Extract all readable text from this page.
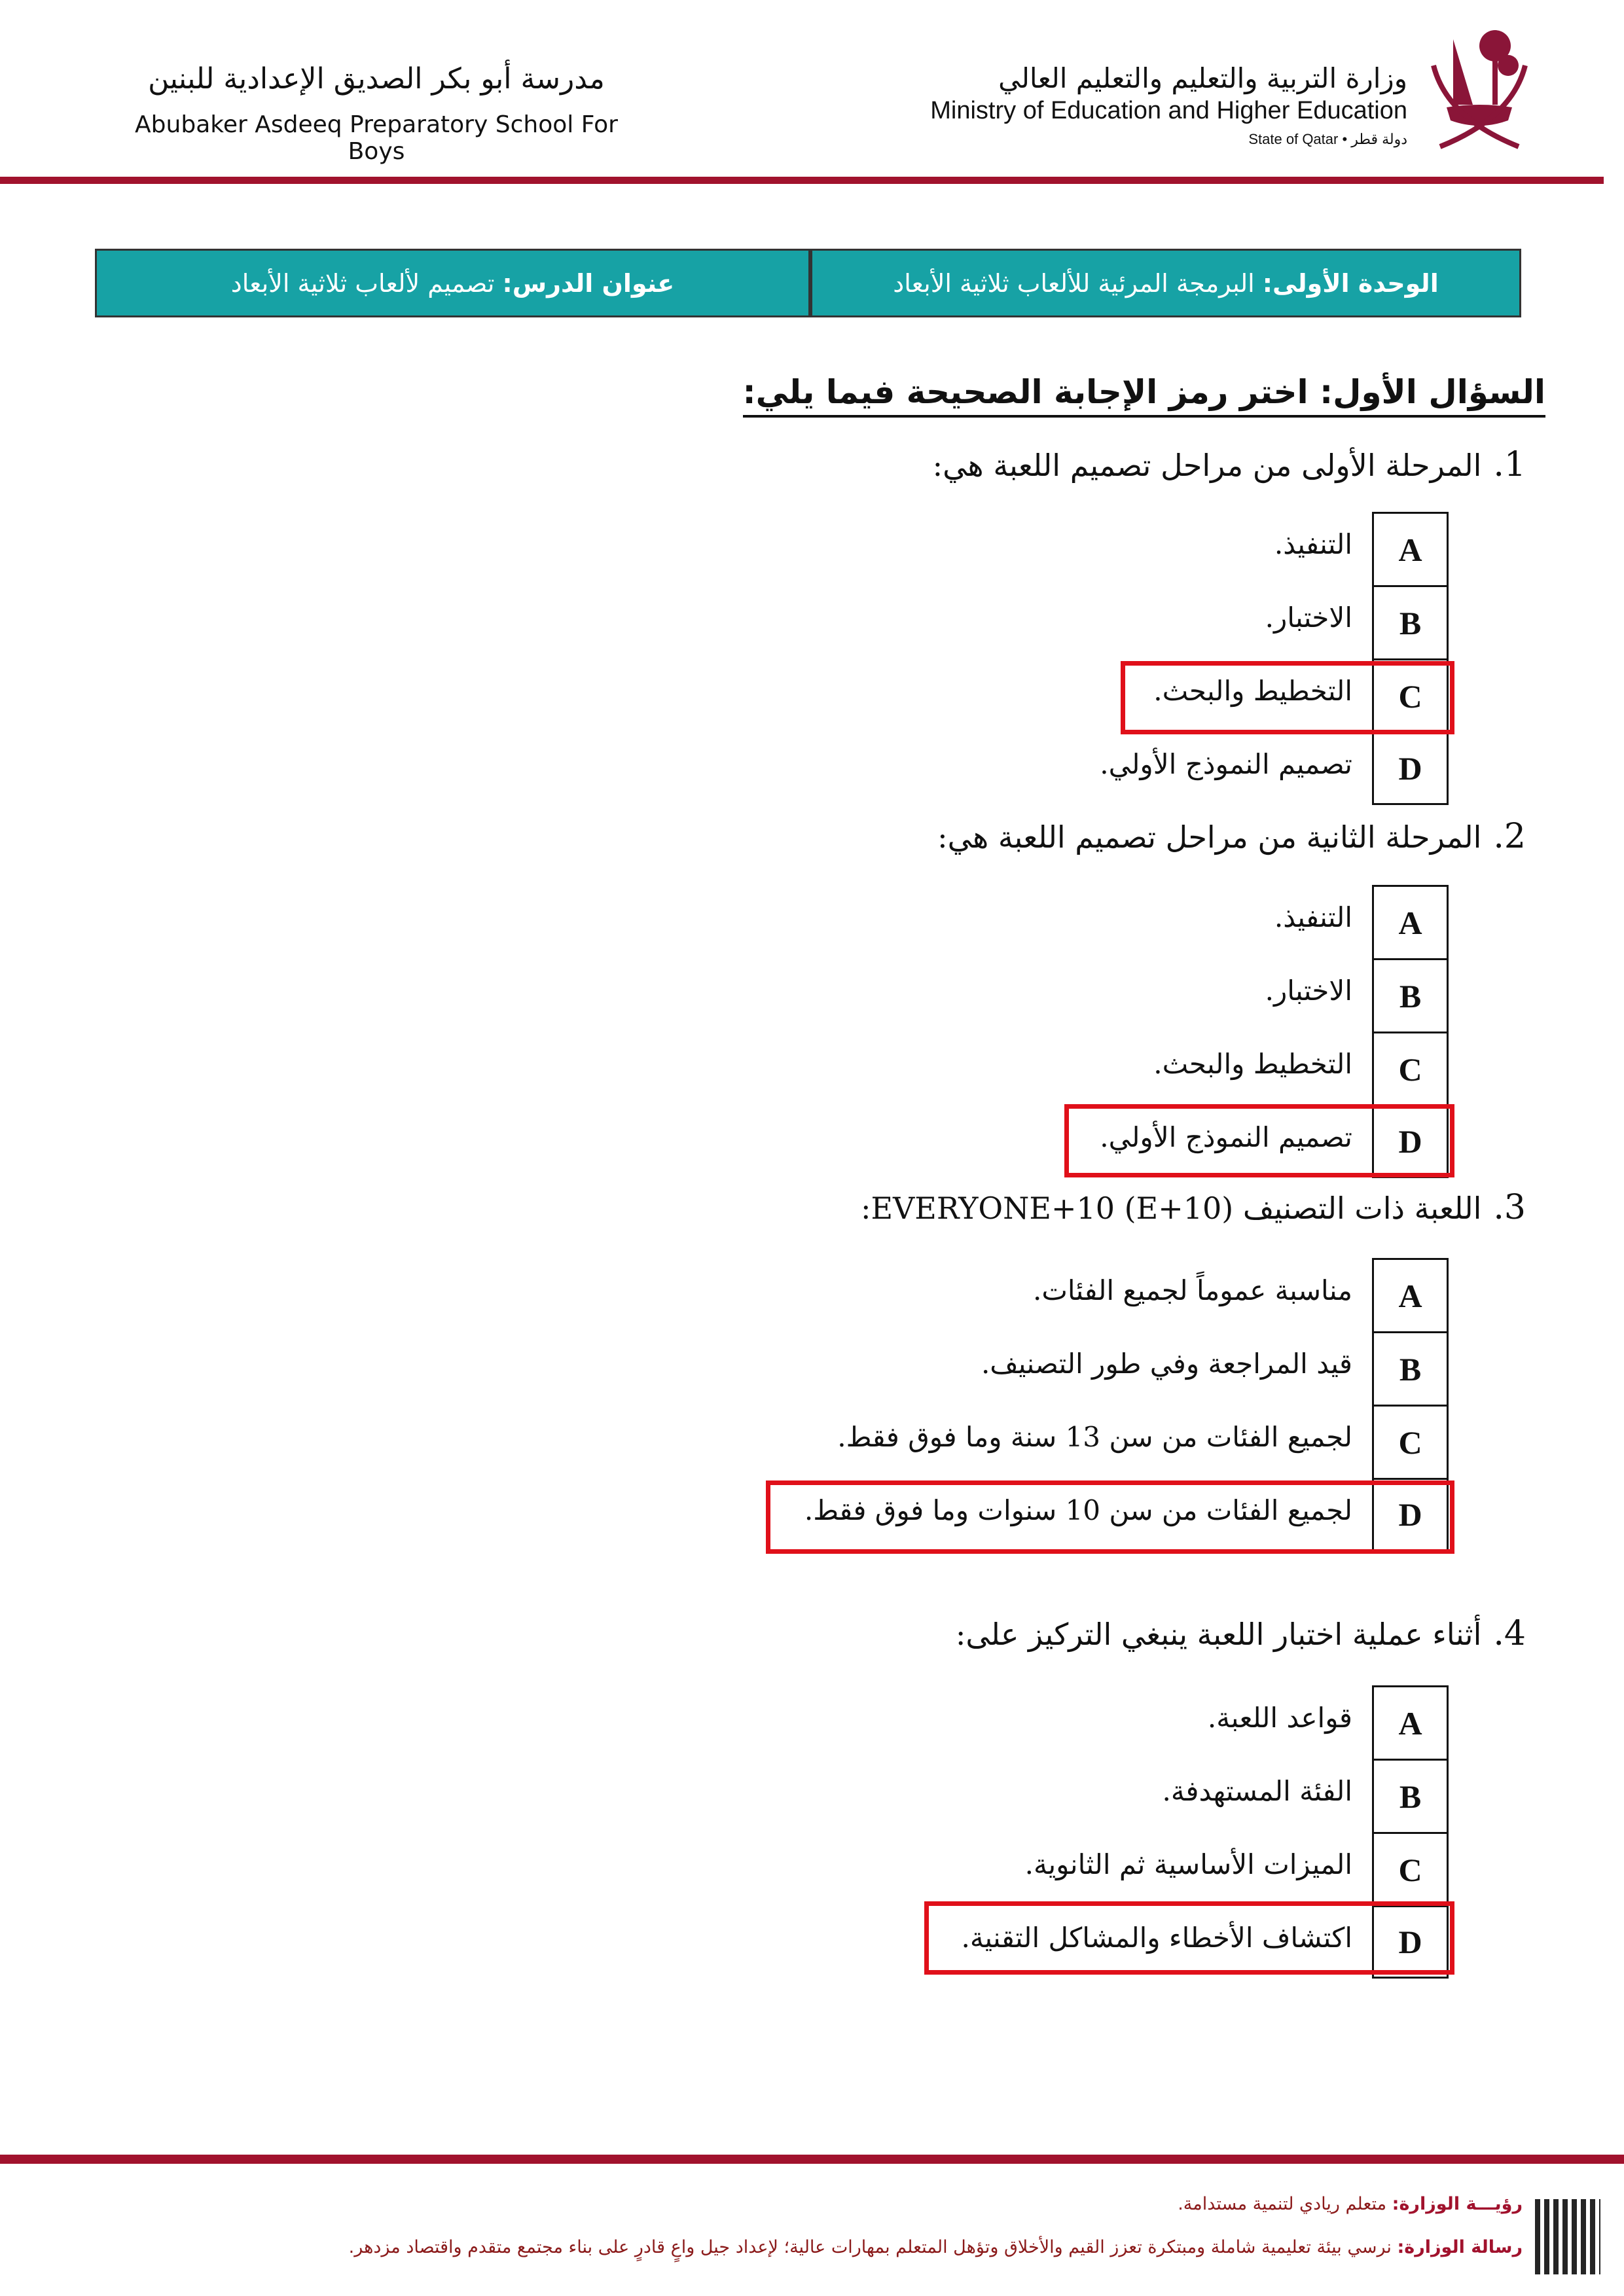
مدرسة أبو بكر الصديق الإعدادية للبنين
Abubaker Asdeeq Preparatory School For Boys
وزارة التربية والتعليم والتعليم العالي
Ministry of Education and Higher Education
State of Qatar • دولة قطر
الوحدة الأولى:
البرمجة المرئية للألعاب ثلاثية الأبعاد
عنوان الدرس:
تصميم لألعاب ثلاثية الأبعاد
السؤال الأول: اختر رمز الإجابة الصحيحة فيما يلي:
1.
المرحلة الأولى من مراحل تصميم اللعبة هي:
A
التنفيذ.
B
الاختبار.
C
التخطيط والبحث.
D
تصميم النموذج الأولي.
2.
المرحلة الثانية من مراحل تصميم اللعبة هي:
A
التنفيذ.
B
الاختبار.
C
التخطيط والبحث.
D
تصميم النموذج الأولي.
3.
اللعبة ذات التصنيف EVERYONE+10 (E+10):
A
مناسبة عموماً لجميع الفئات.
B
قيد المراجعة وفي طور التصنيف.
C
لجميع الفئات من سن 13 سنة وما فوق فقط.
D
لجميع الفئات من سن 10 سنوات وما فوق فقط.
4.
أثناء عملية اختبار اللعبة ينبغي التركيز على:
A
قواعد اللعبة.
B
الفئة المستهدفة.
C
الميزات الأساسية ثم الثانوية.
D
اكتشاف الأخطاء والمشاكل التقنية.
رؤيـــة الوزارة: متعلم ريادي لتنمية مستدامة.
رسالة الوزارة: نرسي بيئة تعليمية شاملة ومبتكرة تعزز القيم والأخلاق وتؤهل المتعلم بمهارات عالية؛ لإعداد جيل واعٍ قادرٍ على بناء مجتمع متقدم واقتصاد مزدهر.
